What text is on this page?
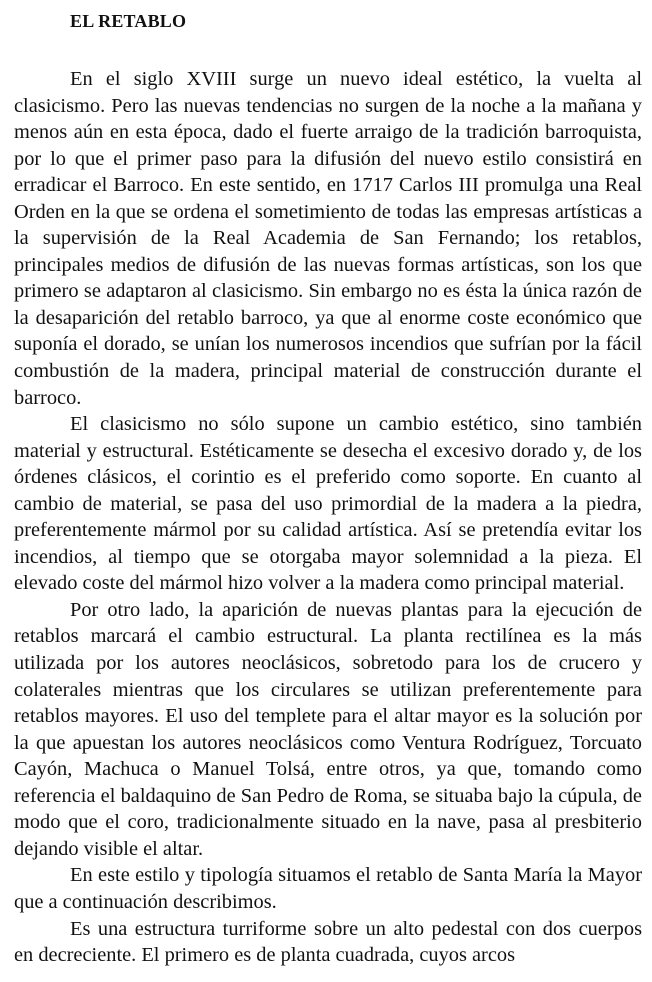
EL RETABLO

En el siglo XVIII surge un nuevo ideal estético, la vuelta al clasicismo. Pero las nuevas tendencias no surgen de la noche a la mañana y menos aún en esta época, dado el fuerte arraigo de la tradición barroquista, por lo que el primer paso para la difusión del nuevo estilo consistirá en erradicar el Barroco. En este sentido, en 1717 Carlos III promulga una Real Orden en la que se ordena el sometimiento de todas las empresas artísticas a la supervisión de la Real Academia de San Fernando; los retablos, principales medios de difusión de las nuevas formas artísticas, son los que primero se adaptaron al clasicismo. Sin embargo no es ésta la única razón de la desaparición del retablo barroco, ya que al enorme coste económico que suponía el dorado, se unían los numerosos incendios que sufrían por la fácil combustión de la madera, principal material de construcción durante el barroco.

El clasicismo no sólo supone un cambio estético, sino también material y estructural. Estéticamente se desecha el excesivo dorado y, de los órdenes clásicos, el corintio es el preferido como soporte. En cuanto al cambio de material, se pasa del uso primordial de la madera a la piedra, preferentemente mármol por su calidad artística. Así se pretendía evitar los incendios, al tiempo que se otorgaba mayor solemnidad a la pieza. El elevado coste del mármol hizo volver a la madera como principal material.

Por otro lado, la aparición de nuevas plantas para la ejecución de retablos marcará el cambio estructural. La planta rectilínea es la más utilizada por los autores neoclásicos, sobretodo para los de crucero y colaterales mientras que los circulares se utilizan preferentemente para retablos mayores. El uso del templete para el altar mayor es la solución por la que apuestan los autores neoclásicos como Ventura Rodríguez, Torcuato Cayón, Machuca o Manuel Tolsá, entre otros, ya que, tomando como referencia el baldaquino de San Pedro de Roma, se situaba bajo la cúpula, de modo que el coro, tradicionalmente situado en la nave, pasa al presbiterio dejando visible el altar.

En este estilo y tipología situamos el retablo de Santa María la Mayor que a continuación describimos.

Es una estructura turriforme sobre un alto pedestal con dos cuerpos en decreciente. El primero es de planta cuadrada, cuyos arcos
